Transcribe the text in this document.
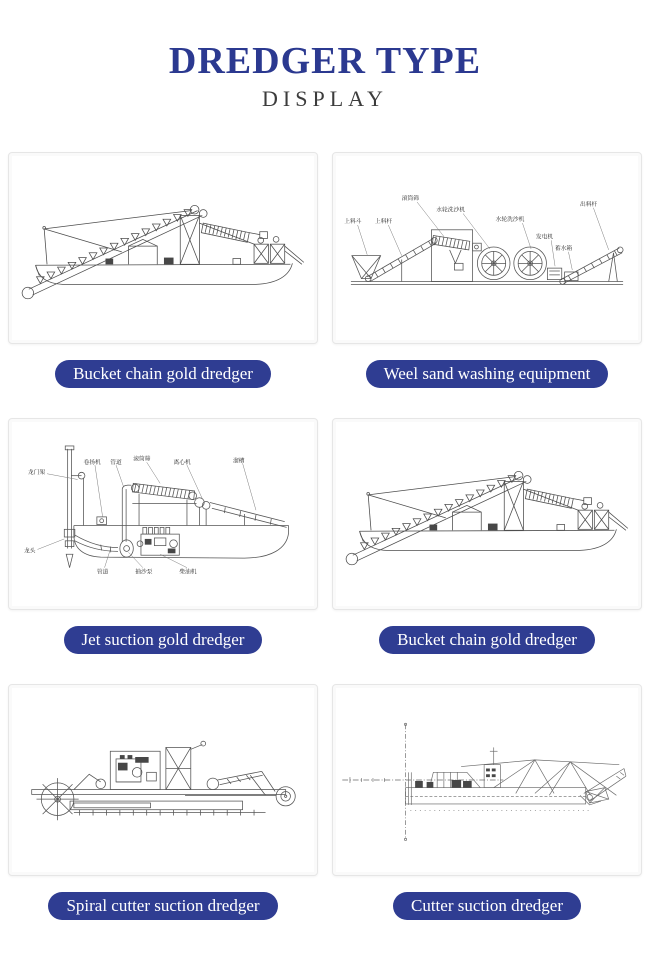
DREDGER TYPE
DISPLAY
Bucket chain gold dredger
上料斗 上料杆
滚筒筛
水轮洗沙机
水轮洗沙机
发电机
蓄水箱
出料杆
Weel sand washing equipment
龙门架
卷扬机 管道
滚筒筛
离心机	溜槽
龙头
管道	抽沙泵	柴油机
Jet suction gold dredger	Bucket chain gold dredger
Spiral cutter suction dredger	Cutter suction dredger
